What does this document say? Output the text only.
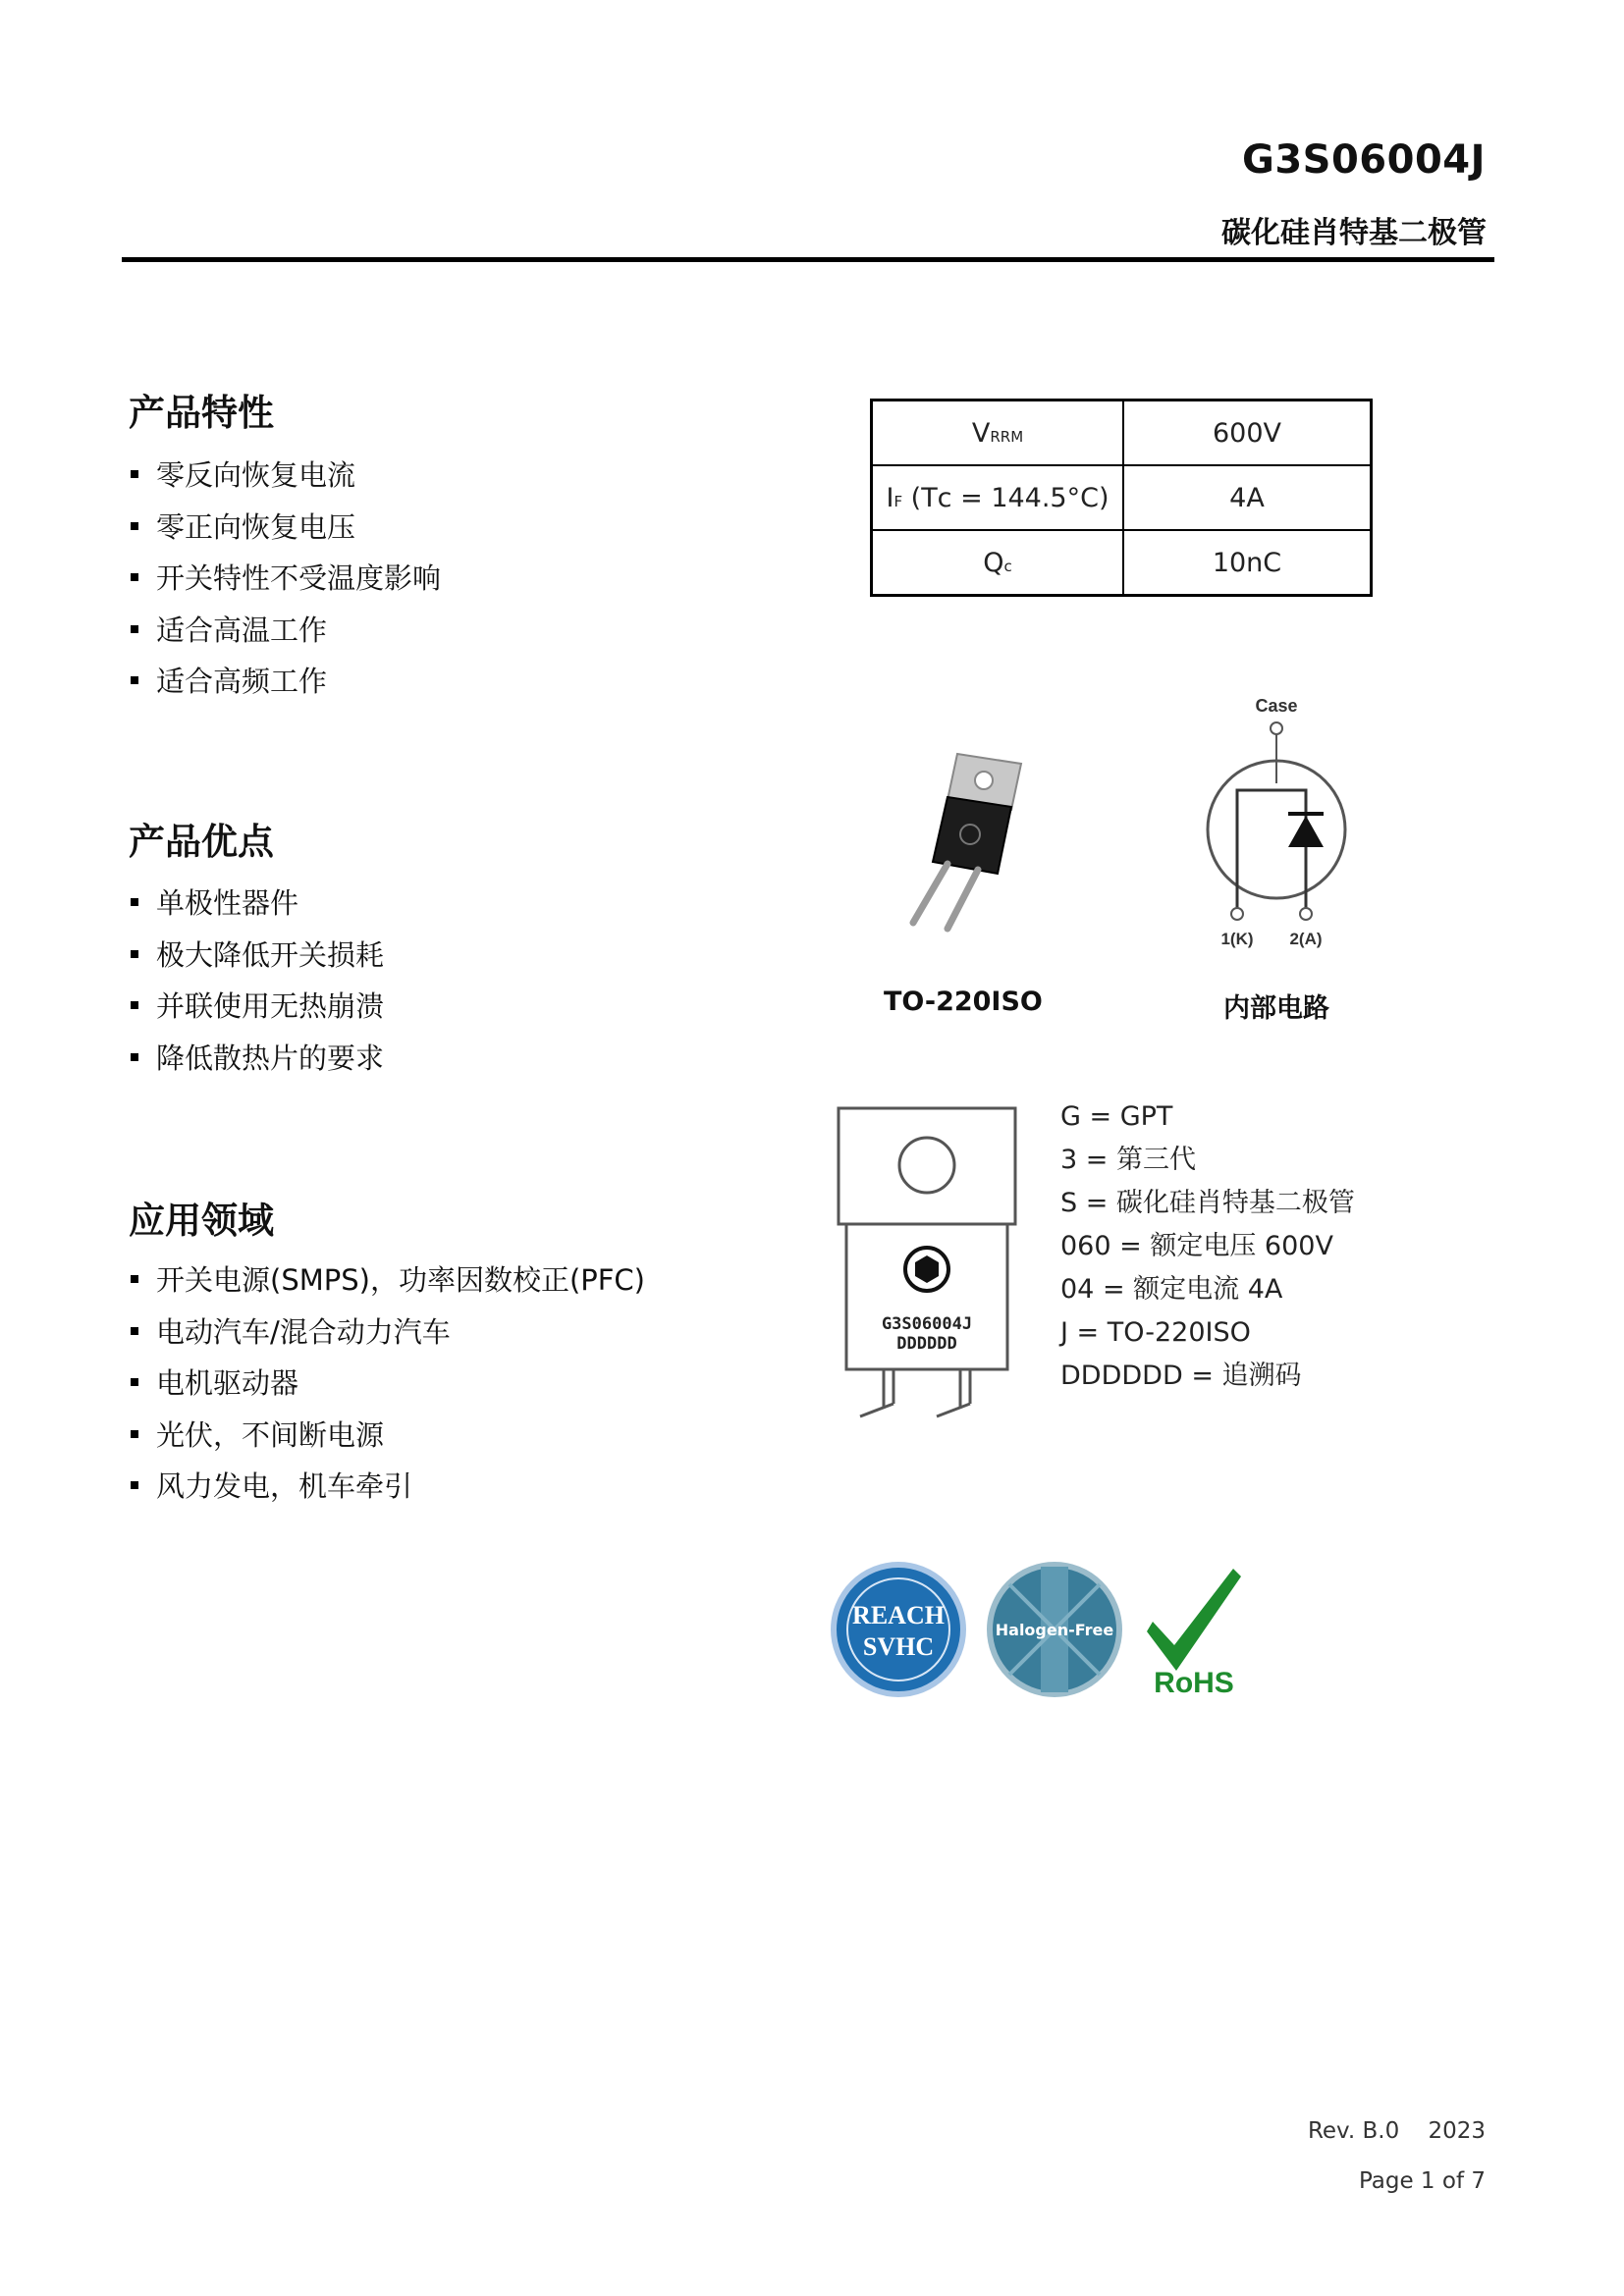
G3S06004J
碳化硅肖特基二极管
产品特性
零反向恢复电流
零正向恢复电压
开关特性不受温度影响
适合高温工作
适合高频工作
产品优点
单极性器件
极大降低开关损耗
并联使用无热崩溃
降低散热片的要求
应用领域
开关电源(SMPS)，功率因数校正(PFC)
电动汽车/混合动力汽车
电机驱动器
光伏，不间断电源
风力发电，机车牵引
VRRM	600V
IF (Tᴄ = 144.5°C)	4A
Qc	10nC
TO-220ISO
Case
1(K) 2(A)
内部电路
G3S06004J
DDDDDD
G = GPT
3 = 第三代
S = 碳化硅肖特基二极管
060 = 额定电压 600V
04 = 额定电流 4A
J = TO-220ISO
DDDDDD = 追溯码
REACH
SVHC
Halogen-Free
RoHS
Rev. B.0    2023
Page 1 of 7
